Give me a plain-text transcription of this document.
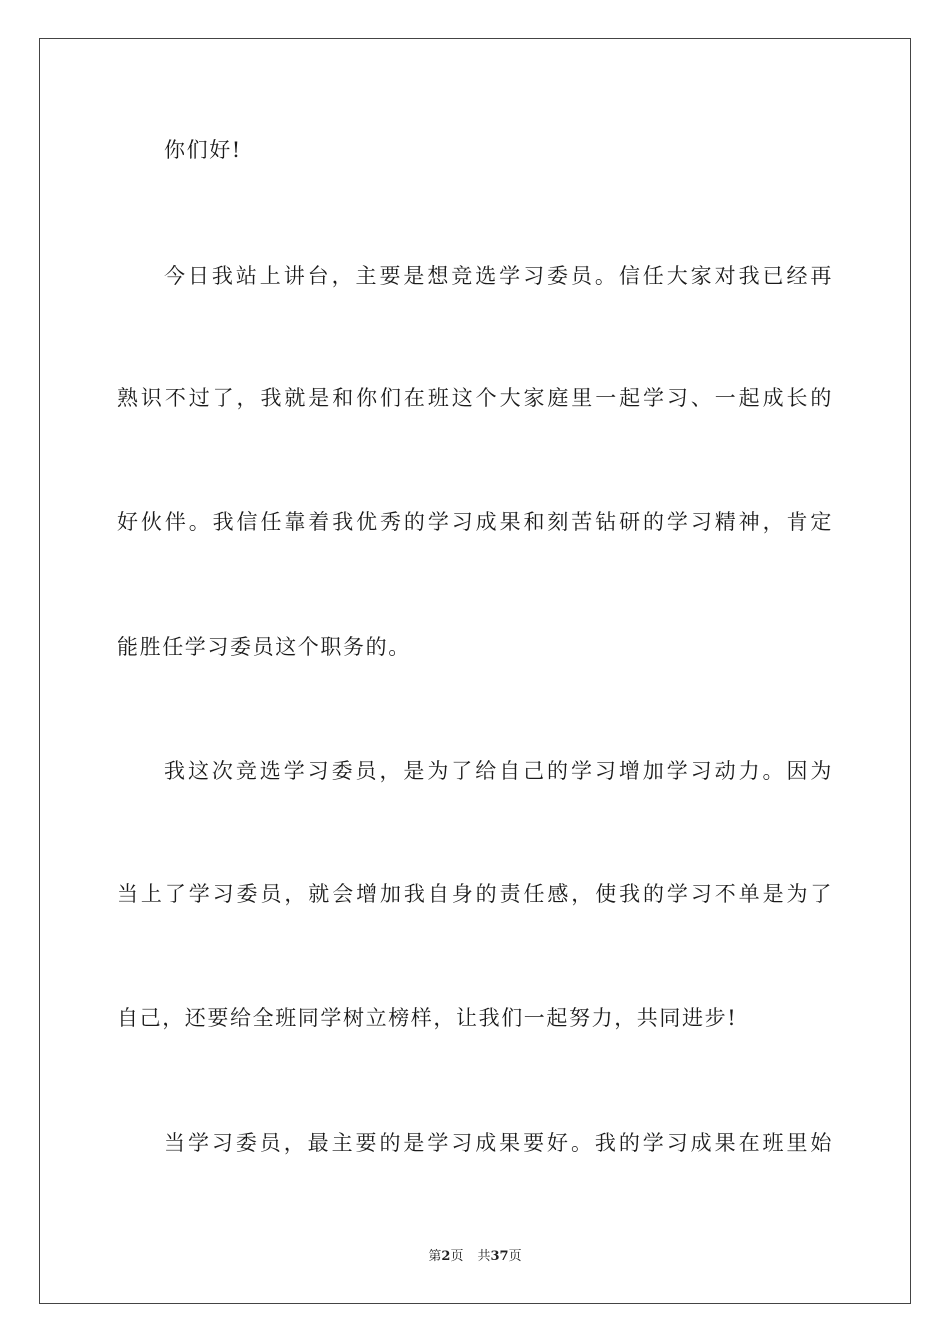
你们好!
今日我站上讲台，主要是想竞选学习委员。信任大家对我已经再
熟识不过了，我就是和你们在班这个大家庭里一起学习、一起成长的
好伙伴。我信任靠着我优秀的学习成果和刻苦钻研的学习精神，肯定
能胜任学习委员这个职务的。
我这次竞选学习委员，是为了给自己的学习增加学习动力。因为
当上了学习委员，就会增加我自身的责任感，使我的学习不单是为了
自己，还要给全班同学树立榜样，让我们一起努力，共同进步!
当学习委员，最主要的是学习成果要好。我的学习成果在班里始
第2页 共37页
